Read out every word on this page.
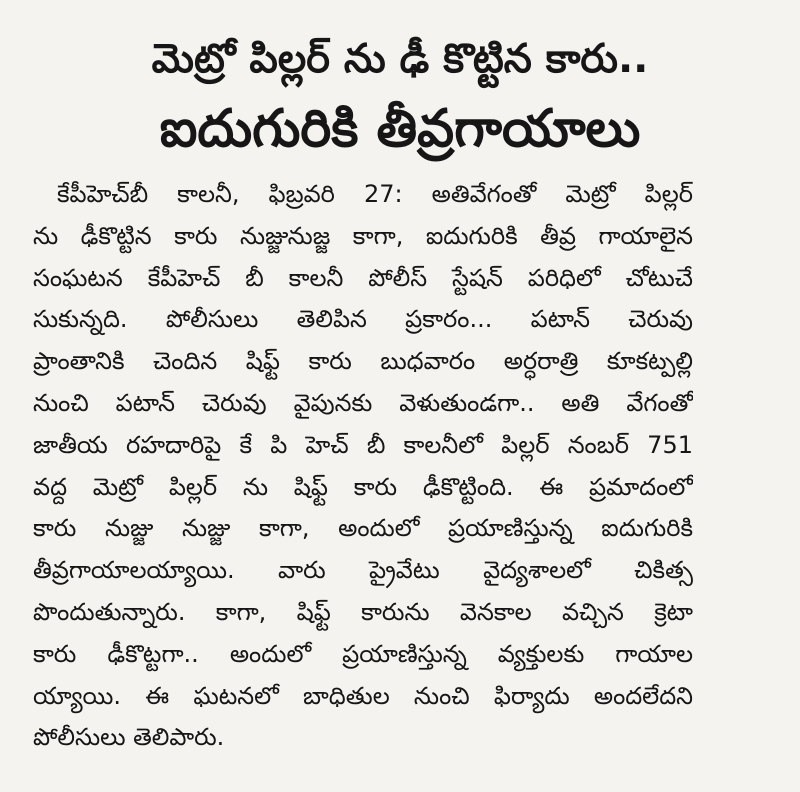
మెట్రో పిల్లర్ ను ఢీ కొట్టిన కారు..
ఐదుగురికి తీవ్రగాయాలు
కేపీహెచ్‌బీ కాలనీ, ఫిబ్రవరి 27: అతివేగంతో మెట్రో పిల్లర్
ను ఢీకొట్టిన కారు నుజ్జునుజ్జ కాగా, ఐదుగురికి తీవ్ర గాయాలైన
సంఘటన కేపీహెచ్ బీ కాలనీ పోలీస్ స్టేషన్ పరిధిలో చోటుచే
సుకున్నది. పోలీసులు తెలిపిన ప్రకారం... పటాన్ చెరువు
ప్రాంతానికి చెందిన షిఫ్ట్ కారు బుధవారం అర్ధరాత్రి కూకట్పల్లి
నుంచి పటాన్ చెరువు వైపునకు వెళుతుండగా.. అతి వేగంతో
జాతీయ రహదారిపై కే పి హెచ్ బీ కాలనీలో పిల్లర్ నంబర్ 751
వద్ద మెట్రో పిల్లర్ ను షిఫ్ట్ కారు ఢీకొట్టింది. ఈ ప్రమాదంలో
కారు నుజ్జు నుజ్జు కాగా, అందులో ప్రయాణిస్తున్న ఐదుగురికి
తీవ్రగాయాలయ్యాయి. వారు ప్రైవేటు వైద్యశాలలో చికిత్స
పొందుతున్నారు. కాగా, షిఫ్ట్ కారును వెనకాల వచ్చిన క్రెటా
కారు ఢీకొట్టగా.. అందులో ప్రయాణిస్తున్న వ్యక్తులకు గాయాల
య్యాయి. ఈ ఘటనలో బాధితుల నుంచి ఫిర్యాదు అందలేదని
పోలీసులు తెలిపారు.
